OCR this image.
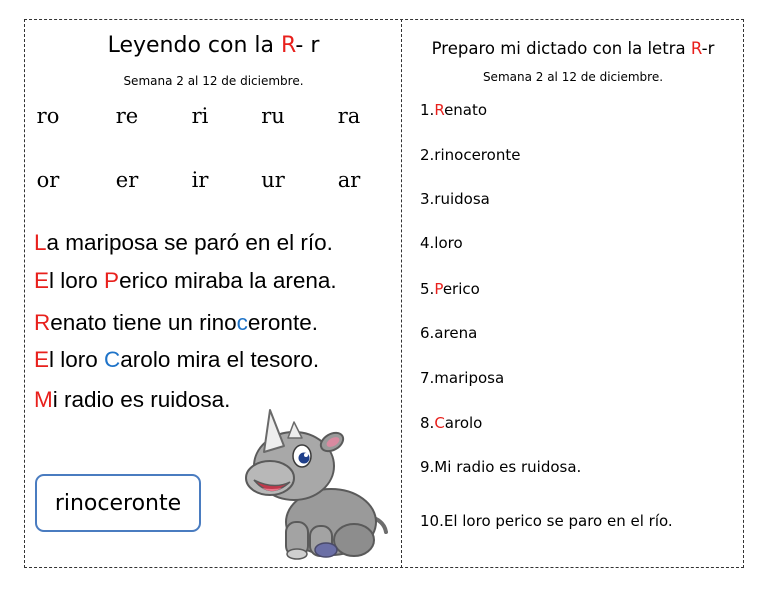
Leyendo con la R- r
Semana 2 al 12 de diciembre.
ro	re	ri	ru	ra
or	er	ir	ur	ar
La mariposa se paró en el río.
El loro Perico miraba la arena.
Renato tiene un rinoceronte.
El loro Carolo mira el tesoro.
Mi radio es ruidosa.
rinoceronte
Preparo mi dictado con la letra R-r
Semana 2 al 12 de diciembre.
1.Renato
2.rinoceronte
3.ruidosa
4.loro
5.Perico
6.arena
7.mariposa
8.Carolo
9.Mi radio es ruidosa.
10.El loro perico se paro en el río.
